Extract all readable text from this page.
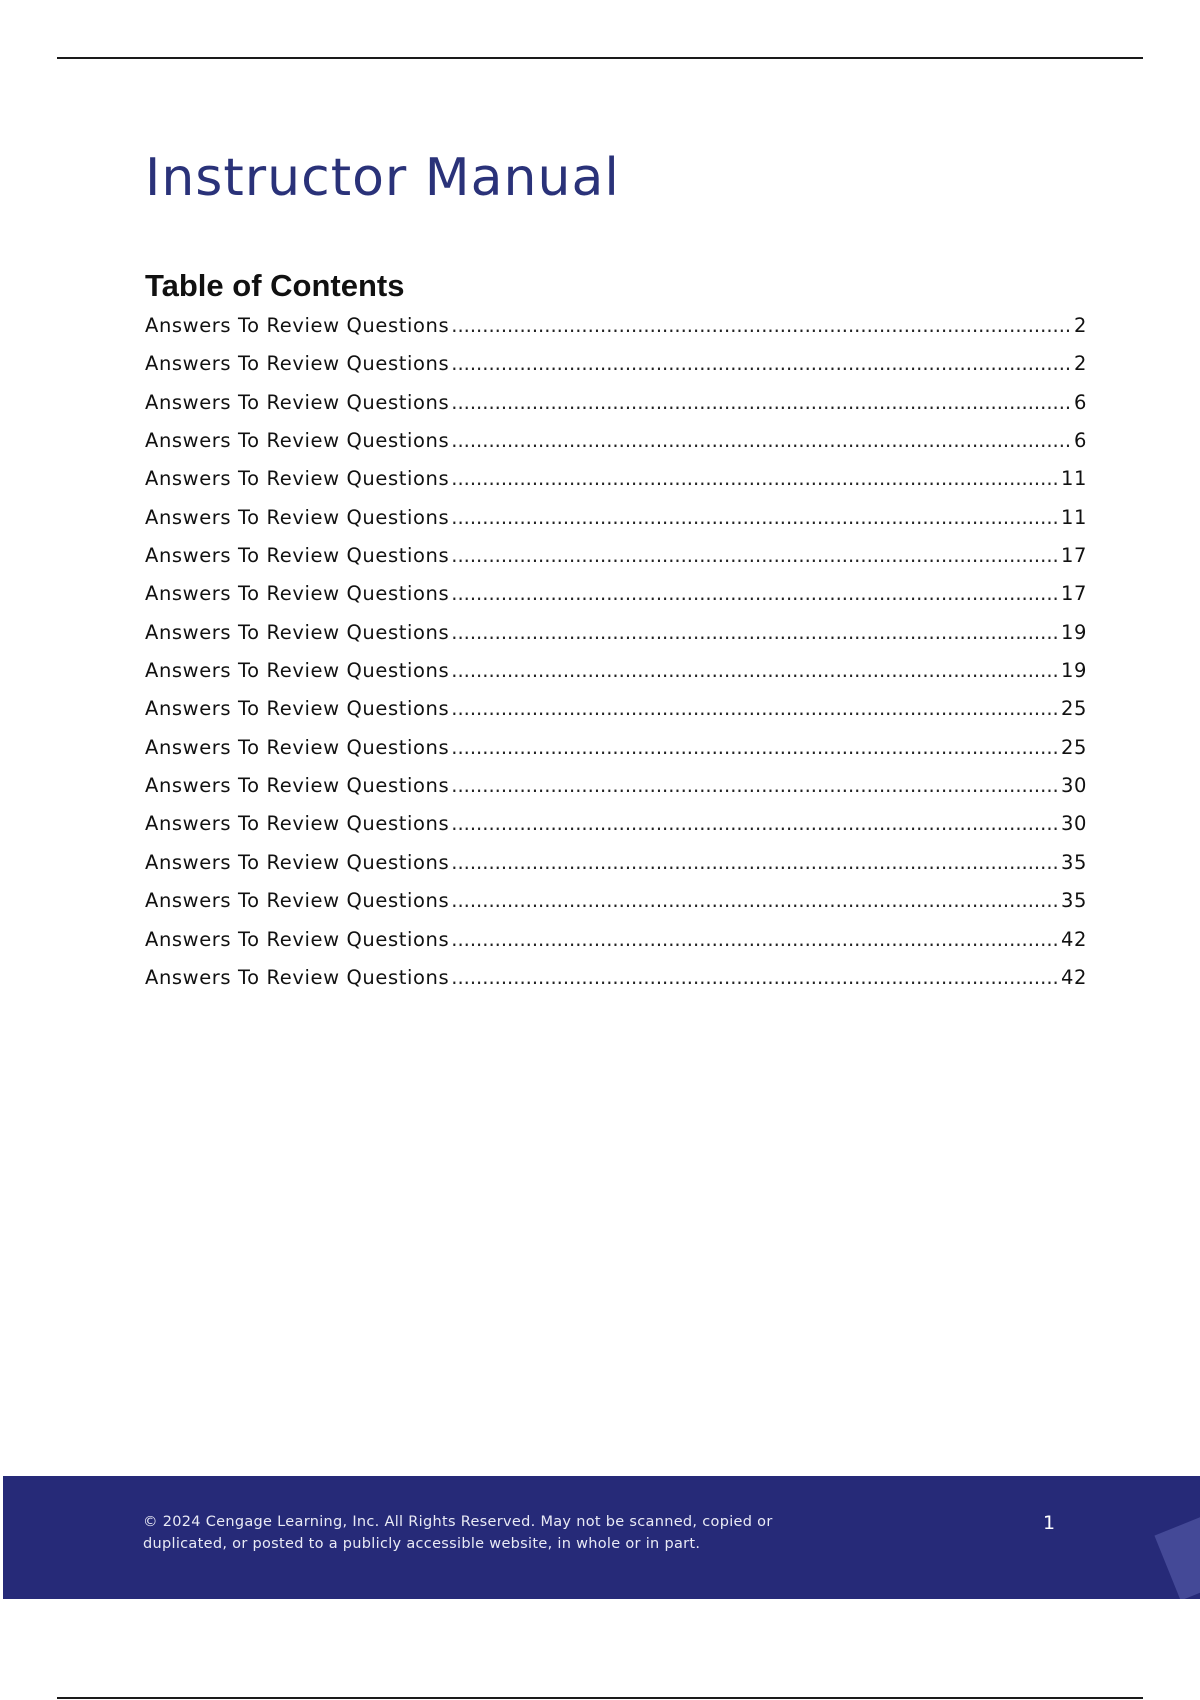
Instructor Manual
Table of Contents
Answers To Review Questions .....	2
Answers To Review Questions .....	2
Answers To Review Questions .....	6
Answers To Review Questions .....	6
Answers To Review Questions .....	11
Answers To Review Questions .....	11
Answers To Review Questions .....	17
Answers To Review Questions .....	17
Answers To Review Questions .....	19
Answers To Review Questions .....	19
Answers To Review Questions .....	25
Answers To Review Questions .....	25
Answers To Review Questions .....	30
Answers To Review Questions .....	30
Answers To Review Questions .....	35
Answers To Review Questions .....	35
Answers To Review Questions .....	42
Answers To Review Questions .....	42

© 2024 Cengage Learning, Inc. All Rights Reserved. May not be scanned, copied or duplicated, or posted to a publicly accessible website, in whole or in part.

1
